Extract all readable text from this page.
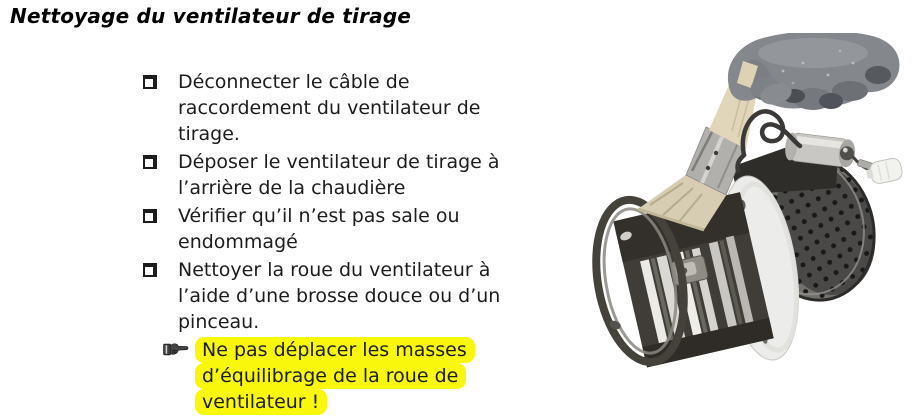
Nettoyage du ventilateur de tirage
Déconnecter le câble de
raccordement du ventilateur de
tirage.
Déposer le ventilateur de tirage à
l’arrière de la chaudière
Vérifier qu’il n’est pas sale ou
endommagé
Nettoyer la roue du ventilateur à
l’aide d’une brosse douce ou d’un
pinceau.
Ne pas déplacer les masses
d’équilibrage de la roue de
ventilateur !
